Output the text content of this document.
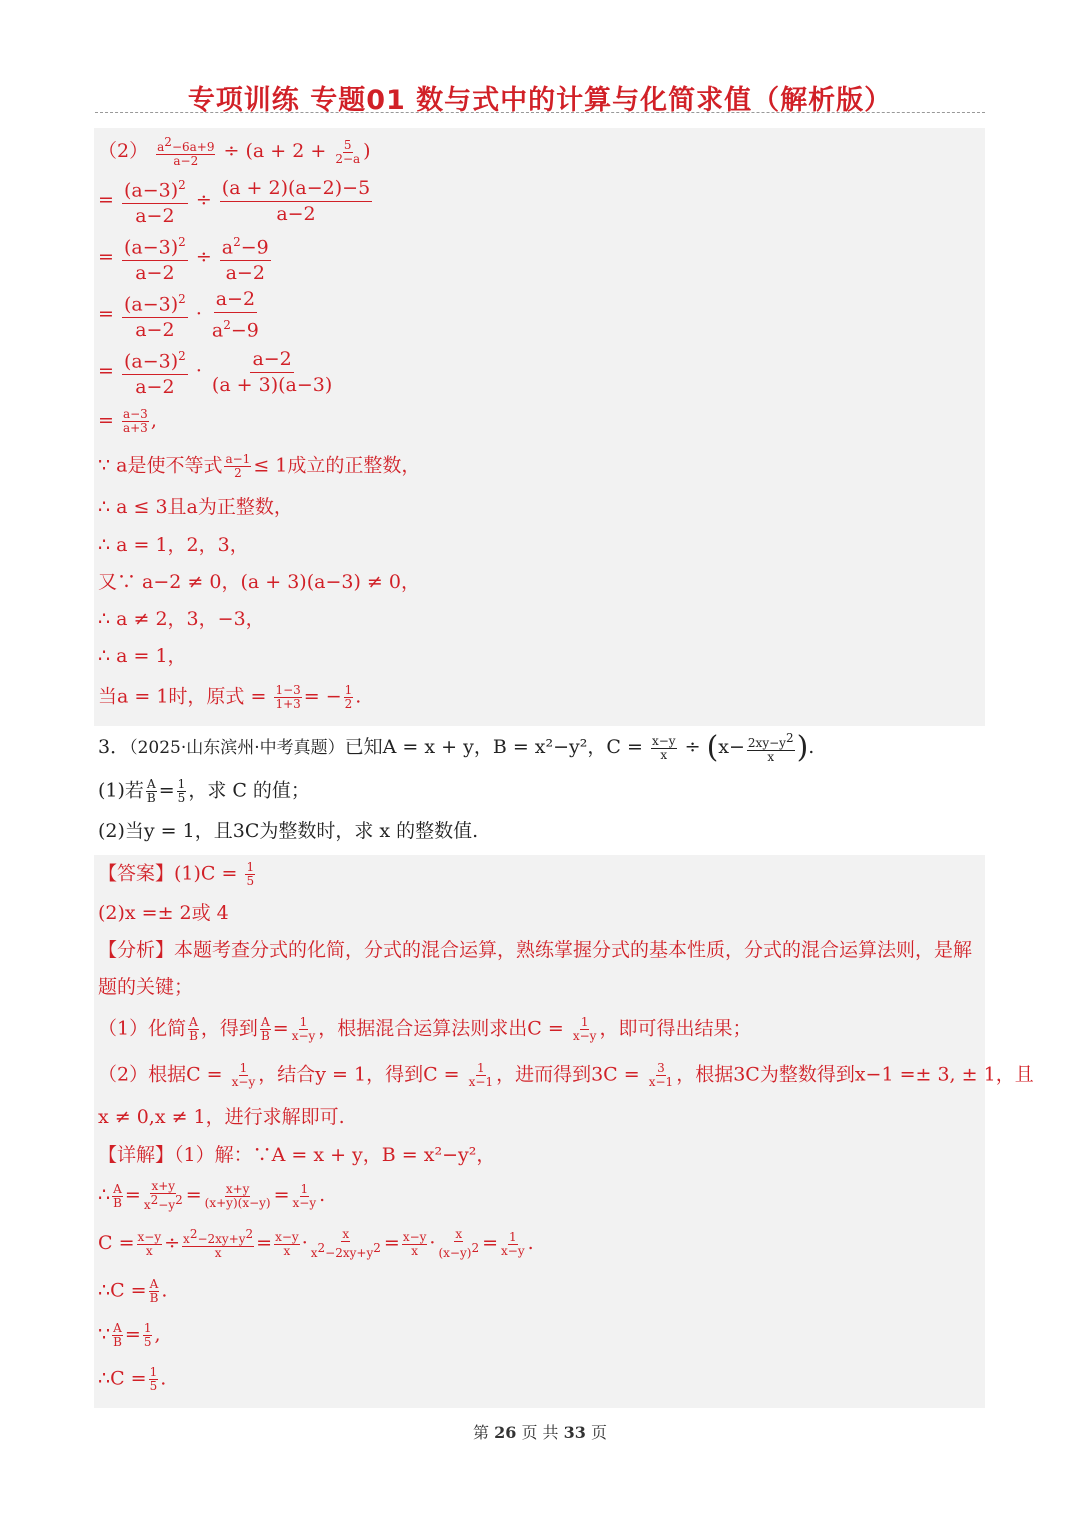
专项训练 专题01 数与式中的计算与化简求值（解析版）
$(2) \frac{a^2-6a+9}{a-2} \div (a + 2 + \frac{5}{2-a}$ )
= $\frac{(a-3)^2}{a-2} \div \frac{(a + 2)(a-2)-5}{a-2}$
= $\frac{(a-3)^2}{a-2} \div \frac{a^2-9}{a-2}$
= $\frac{(a-3)^2}{a-2} \cdot \frac{a-2}{a^2-9}$
= $\frac{(a-3)^2}{a-2} \cdot \frac{a-2}{(a + 3)(a-3)}$
= $\frac{a-3}{a+3}$ ,
∵ a是使不等式 $\frac{a-1}{2} \le 1$成立的正整数，
∴ a ≤ 3且a为正整数，
∴ a = 1，2，3，
又∵ a−2 ≠ 0，(a + 3)(a−3) ≠ 0，
∴ a ≠ 2，3，−3，
∴ a = 1，
当a = 1时，原式 = $\frac{1-3}{1+3}$ = − $\frac{1}{2}$ .
3．（2025·山东滨州·中考真题）已知A = x + y，B = x²−y²，$C = \frac{x-y}{x} \div (x- \frac{2xy-y^2}{x}$ ).
(1)若 $\frac{A}{B} = \frac{1}{5}$ ，求 C 的值；
(2)当y = 1，且3C为整数时，求 x 的整数值.
【答案】$(1)C = \frac{1}{5}$
(2)x =± 2或 4
【分析】本题考查分式的化简，分式的混合运算，熟练掌握分式的基本性质，分式的混合运算法则，是解
题的关键；
（1）化简 $\frac{A}{B}$ ，得到 $\frac{A}{B} = \frac{1}{x-y}$ ，根据混合运算法则求出$C = \frac{1}{x-y}$ ，即可得出结果；
（2）根据$C = \frac{1}{x-y}$ ，结合y = 1，得到$C = \frac{1}{x-1}$ ，进而得到$3C = \frac{3}{x-1}$ ，根据3C为整数得到x−1 =± 3, ± 1，且
x ≠ 0,x ≠ 1，进行求解即可.
【详解】（1）解：∵A = x + y，B = x²−y²，
∴ $\frac{A}{B} = \frac{x+y}{x^2-y^2} = \frac{x+y}{(x+y)(x-y)} = \frac{1}{x-y}$ .
$C = \frac{x-y}{x} \div \frac{x^2-2xy+y^2}{x} = \frac{x-y}{x} \cdot \frac{x}{x^2-2xy+y^2} = \frac{x-y}{x} \cdot \frac{x}{(x-y)^2} = \frac{1}{x-y}$ .
∴C = $\frac{A}{B}$ .
∵ $\frac{A}{B} = \frac{1}{5}$ ,
∴C = $\frac{1}{5}$ .
第 26 页 共 33 页
